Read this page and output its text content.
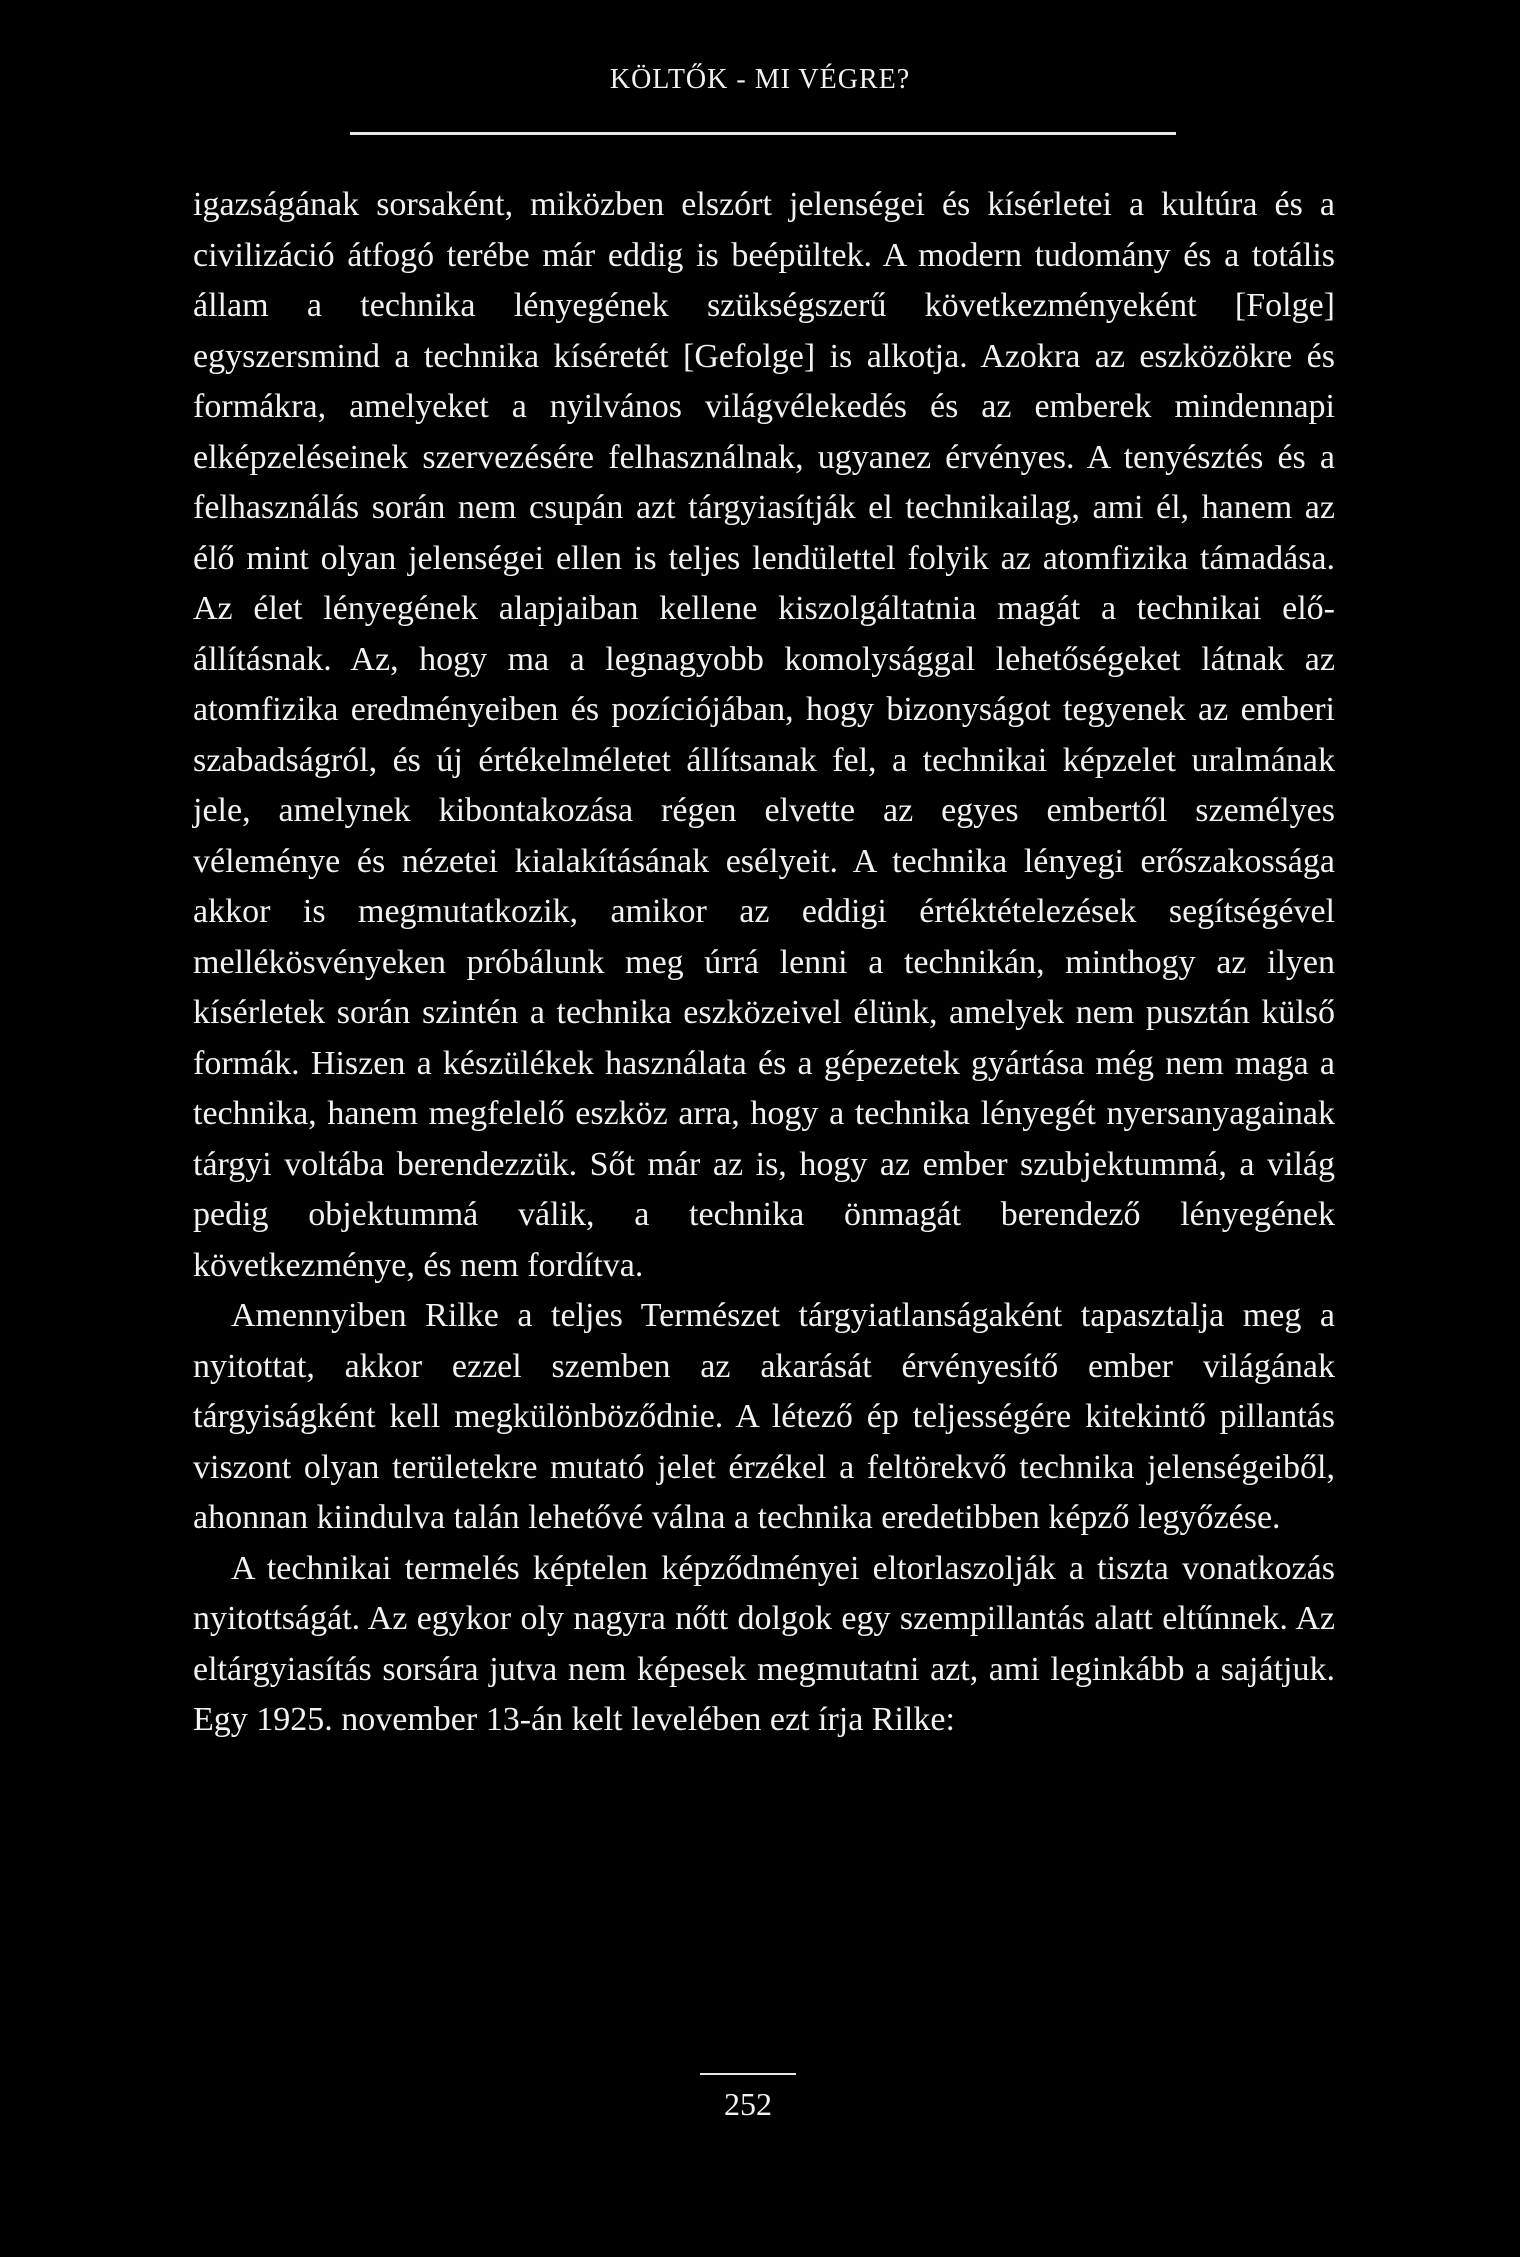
KÖLTŐK - MI VÉGRE?

igazságának sorsaként, miközben elszórt jelenségei és kísérletei a kultúra és a civilizáció átfogó terébe már eddig is beépültek. A modern tudomány és a totális állam a technika lényegének szükségszerű következményeként [Folge] egyszersmind a technika kíséretét [Gefolge] is alkotja. Azokra az eszközökre és formákra, amelyeket a nyilvános világvélekedés és az emberek mindennapi elképzeléseinek szervezésére felhasználnak, ugyanez érvényes. A tenyésztés és a felhasználás során nem csupán azt tárgyiasítják el technikailag, ami él, hanem az élő mint olyan jelenségei ellen is teljes lendülettel folyik az atomfizika támadása. Az élet lényegének alapjaiban kellene kiszolgáltatnia magát a technikai elő-állításnak. Az, hogy ma a legnagyobb komolysággal lehetőségeket látnak az atomfizika eredményeiben és pozíciójában, hogy bizonyságot tegyenek az emberi szabadságról, és új értékelméletet állítsanak fel, a technikai képzelet uralmának jele, amelynek kibontakozása régen elvette az egyes embertől személyes véleménye és nézetei kialakításának esélyeit. A technika lényegi erőszakossága akkor is megmutatkozik, amikor az eddigi értéktételezések segítségével mellékösvényeken próbálunk meg úrrá lenni a technikán, minthogy az ilyen kísérletek során szintén a technika eszközeivel élünk, amelyek nem pusztán külső formák. Hiszen a készülékek használata és a gépezetek gyártása még nem maga a technika, hanem megfelelő eszköz arra, hogy a technika lényegét nyersanyagainak tárgyi voltába berendezzük. Sőt már az is, hogy az ember szubjektummá, a világ pedig objektummá válik, a technika önmagát berendező lényegének következménye, és nem fordítva.

Amennyiben Rilke a teljes Természet tárgyiatlanságaként tapasztalja meg a nyitottat, akkor ezzel szemben az akarását érvényesítő ember világának tárgyiságként kell megkülönböződnie. A létező ép teljességére kitekintő pillantás viszont olyan területekre mutató jelet érzékel a feltörekvő technika jelenségeiből, ahonnan kiindulva talán lehetővé válna a technika eredetibben képző legyőzése.

A technikai termelés képtelen képződményei eltorlaszolják a tiszta vonatkozás nyitottságát. Az egykor oly nagyra nőtt dolgok egy szempillantás alatt eltűnnek. Az eltárgyiasítás sorsára jutva nem képesek megmutatni azt, ami leginkább a sajátjuk. Egy 1925. november 13-án kelt levelében ezt írja Rilke:

252
